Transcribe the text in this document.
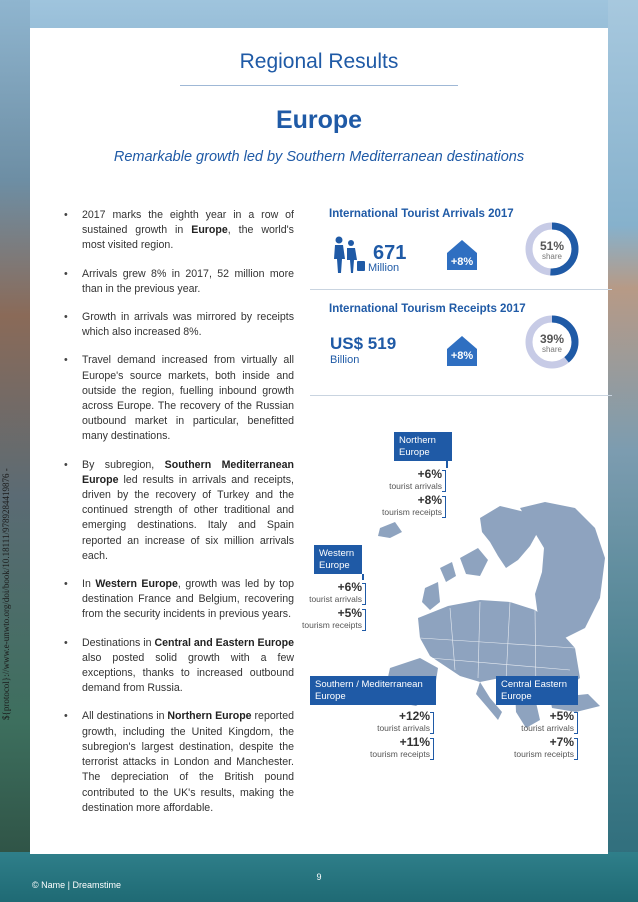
${protocol}://www.e-unwto.org/doi/book/10.18111/9789284419876 -
Regional Results
Europe
Remarkable growth led by Southern Mediterranean destinations
• 2017 marks the eighth year in a row of sustained growth in Europe, the world's most visited region.
• Arrivals grew 8% in 2017, 52 million more than in the previous year.
• Growth in arrivals was mirrored by receipts which also increased 8%.
• Travel demand increased from virtually all Europe's source markets, both inside and outside the region, fuelling inbound growth across Europe. The recovery of the Russian outbound market in particular, benefitted many destinations.
• By subregion, Southern Mediterranean Europe led results in arrivals and receipts, driven by the recovery of Turkey and the continued strength of other traditional and emerging destinations. Italy and Spain reported an increase of six million arrivals each.
• In Western Europe, growth was led by top destination France and Belgium, recovering from the security incidents in previous years.
• Destinations in Central and Eastern Europe also posted solid growth with a few exceptions, thanks to increased outbound demand from Russia.
• All destinations in Northern Europe reported growth, including the United Kingdom, the subregion's largest destination, despite the terrorist attacks in London and Manchester. The depreciation of the British pound contributed to the UK's results, making the destination more affordable.
International Tourist Arrivals 2017
671
Million	+8%
51%
share
International Tourism Receipts 2017
US$ 519
Billion	+8%
39%
share
Northern
Europe
+6%
tourist arrivals
+8%
tourism receipts
Western
Europe
+6%
tourist arrivals
+5%
tourism receipts
Southern / Mediterranean
Europe
+12%
tourist arrivals
+11%
tourism receipts
Central Eastern
Europe
+5%
tourist arrivals
+7%
tourism receipts
9
© Name | Dreamstime
